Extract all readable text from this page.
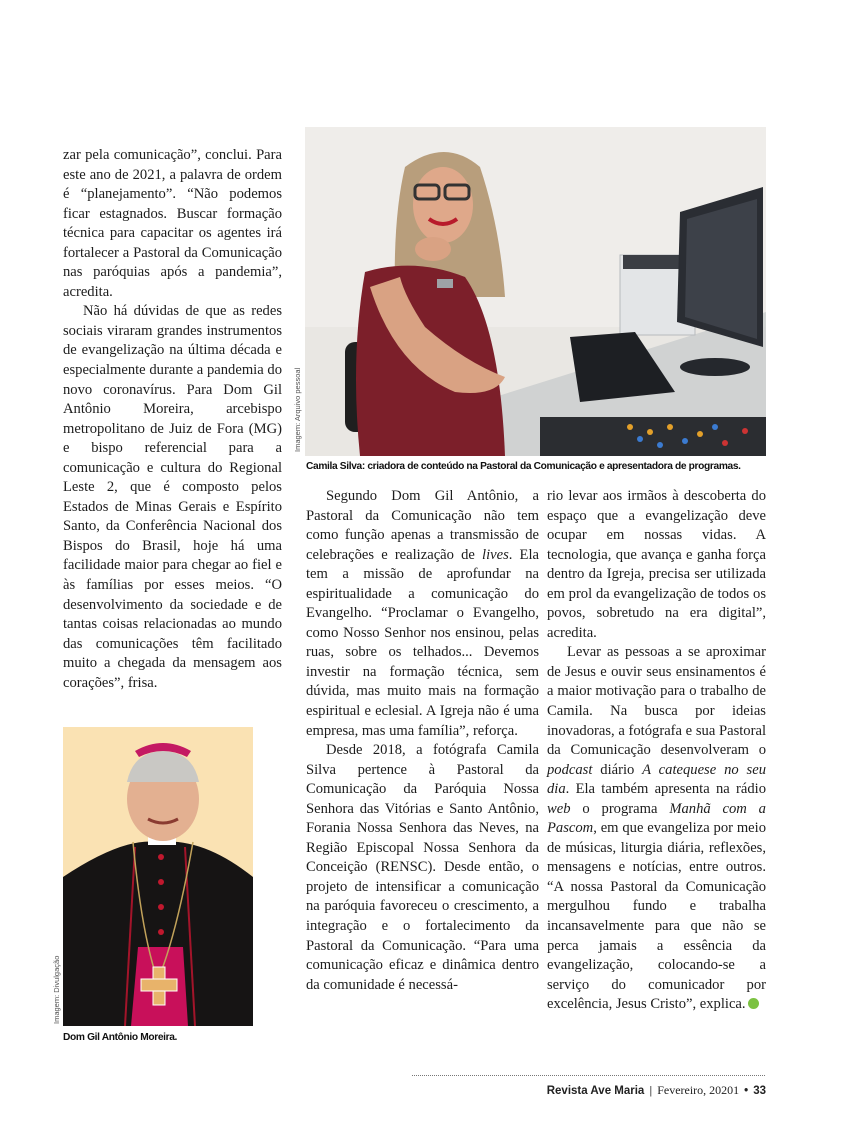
zar pela comunicação”, conclui. Para este ano de 2021, a palavra de ordem é “planejamento”. “Não podemos ficar estagnados. Buscar formação técnica para capacitar os agentes irá fortalecer a Pastoral da Comunicação nas paróquias após a pandemia”, acredita.

Não há dúvidas de que as redes sociais viraram grandes instrumentos de evangelização na última década e especialmente durante a pandemia do novo coronavírus. Para Dom Gil Antônio Moreira, arcebispo metropolitano de Juiz de Fora (MG) e bispo referencial para a comunicação e cultura do Regional Leste 2, que é composto pelos Estados de Minas Gerais e Espírito Santo, da Conferência Nacional dos Bispos do Brasil, hoje há uma facilidade maior para chegar ao fiel e às famílias por esses meios. “O desenvolvimento da sociedade e de tantas coisas relacionadas ao mundo das comunicações têm facilitado muito a chegada da mensagem aos corações”, frisa.

Imagem: Arquivo pessoal
Camila Silva: criadora de conteúdo na Pastoral da Comunicação e apresentadora de programas.

Segundo Dom Gil Antônio, a Pastoral da Comunicação não tem como função apenas a transmissão de celebrações e realização de lives. Ela tem a missão de aprofundar na espiritualidade a comunicação do Evangelho. “Proclamar o Evangelho, como Nosso Senhor nos ensinou, pelas ruas, sobre os telhados... Devemos investir na formação técnica, sem dúvida, mas muito mais na formação espiritual e eclesial. A Igreja não é uma empresa, mas uma família”, reforça.

Desde 2018, a fotógrafa Camila Silva pertence à Pastoral da Comunicação da Paróquia Nossa Senhora das Vitórias e Santo Antônio, Forania Nossa Senhora das Neves, na Região Episcopal Nossa Senhora da Conceição (RENSC). Desde então, o projeto de intensificar a comunicação na paróquia favoreceu o crescimento, a integração e o fortalecimento da Pastoral da Comunicação. “Para uma comunicação eficaz e dinâmica dentro da comunidade é necessá-

rio levar aos irmãos à descoberta do espaço que a evangelização deve ocupar em nossas vidas. A tecnologia, que avança e ganha força dentro da Igreja, precisa ser utilizada em prol da evangelização de todos os povos, sobretudo na era digital”, acredita.

Levar as pessoas a se aproximar de Jesus e ouvir seus ensinamentos é a maior motivação para o trabalho de Camila. Na busca por ideias inovadoras, a fotógrafa e sua Pastoral da Comunicação desenvolveram o podcast diário A catequese no seu dia. Ela também apresenta na rádio web o programa Manhã com a Pascom, em que evangeliza por meio de músicas, liturgia diária, reflexões, mensagens e notícias, entre outros. “A nossa Pastoral da Comunicação mergulhou fundo e trabalha incansavelmente para que não se perca jamais a essência da evangelização, colocando-se a serviço do comunicador por excelência, Jesus Cristo”, explica.

Imagem: Divulgação
Dom Gil Antônio Moreira.
Revista Ave Maria | Fevereiro, 20201 • 33
